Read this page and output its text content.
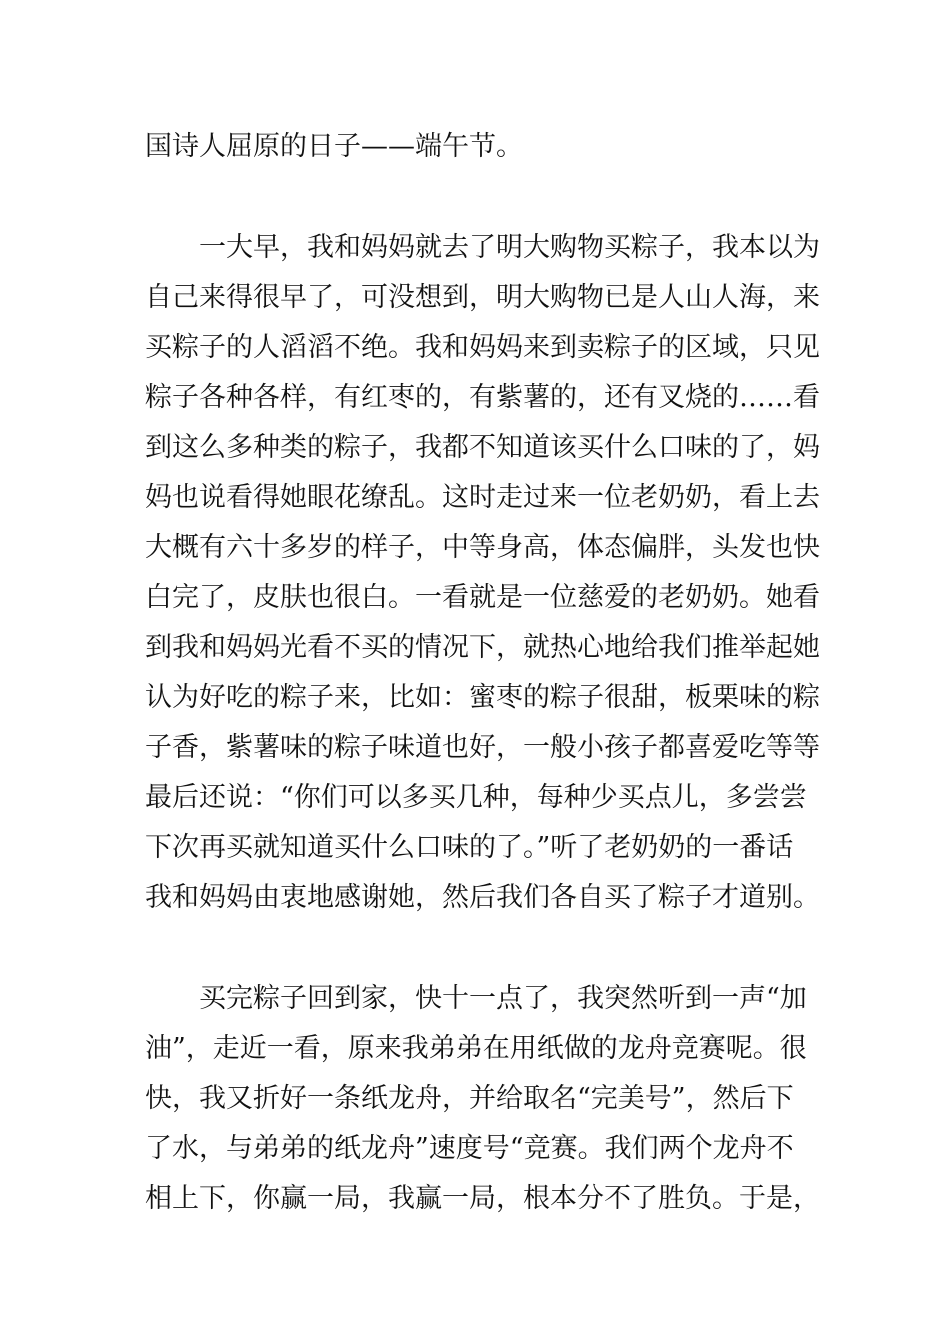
国诗人屈原的日子——端午节。
一大早，我和妈妈就去了明大购物买粽子，我本以为
自己来得很早了，可没想到，明大购物已是人山人海，来
买粽子的人滔滔不绝。我和妈妈来到卖粽子的区域，只见
粽子各种各样，有红枣的，有紫薯的，还有叉烧的……看
到这么多种类的粽子，我都不知道该买什么口味的了，妈
妈也说看得她眼花缭乱。这时走过来一位老奶奶，看上去
大概有六十多岁的样子，中等身高，体态偏胖，头发也快
白完了，皮肤也很白。一看就是一位慈爱的老奶奶。她看
到我和妈妈光看不买的情况下，就热心地给我们推举起她
认为好吃的粽子来，比如：蜜枣的粽子很甜，板栗味的粽
子香，紫薯味的粽子味道也好，一般小孩子都喜爱吃等等
最后还说：“你们可以多买几种，每种少买点儿，多尝尝
下次再买就知道买什么口味的了。”听了老奶奶的一番话
我和妈妈由衷地感谢她，然后我们各自买了粽子才道别。
买完粽子回到家，快十一点了，我突然听到一声“加
油”，走近一看，原来我弟弟在用纸做的龙舟竞赛呢。很
快，我又折好一条纸龙舟，并给取名“完美号”，然后下
了水，与弟弟的纸龙舟”速度号“竞赛。我们两个龙舟不
相上下，你赢一局，我赢一局，根本分不了胜负。于是，
